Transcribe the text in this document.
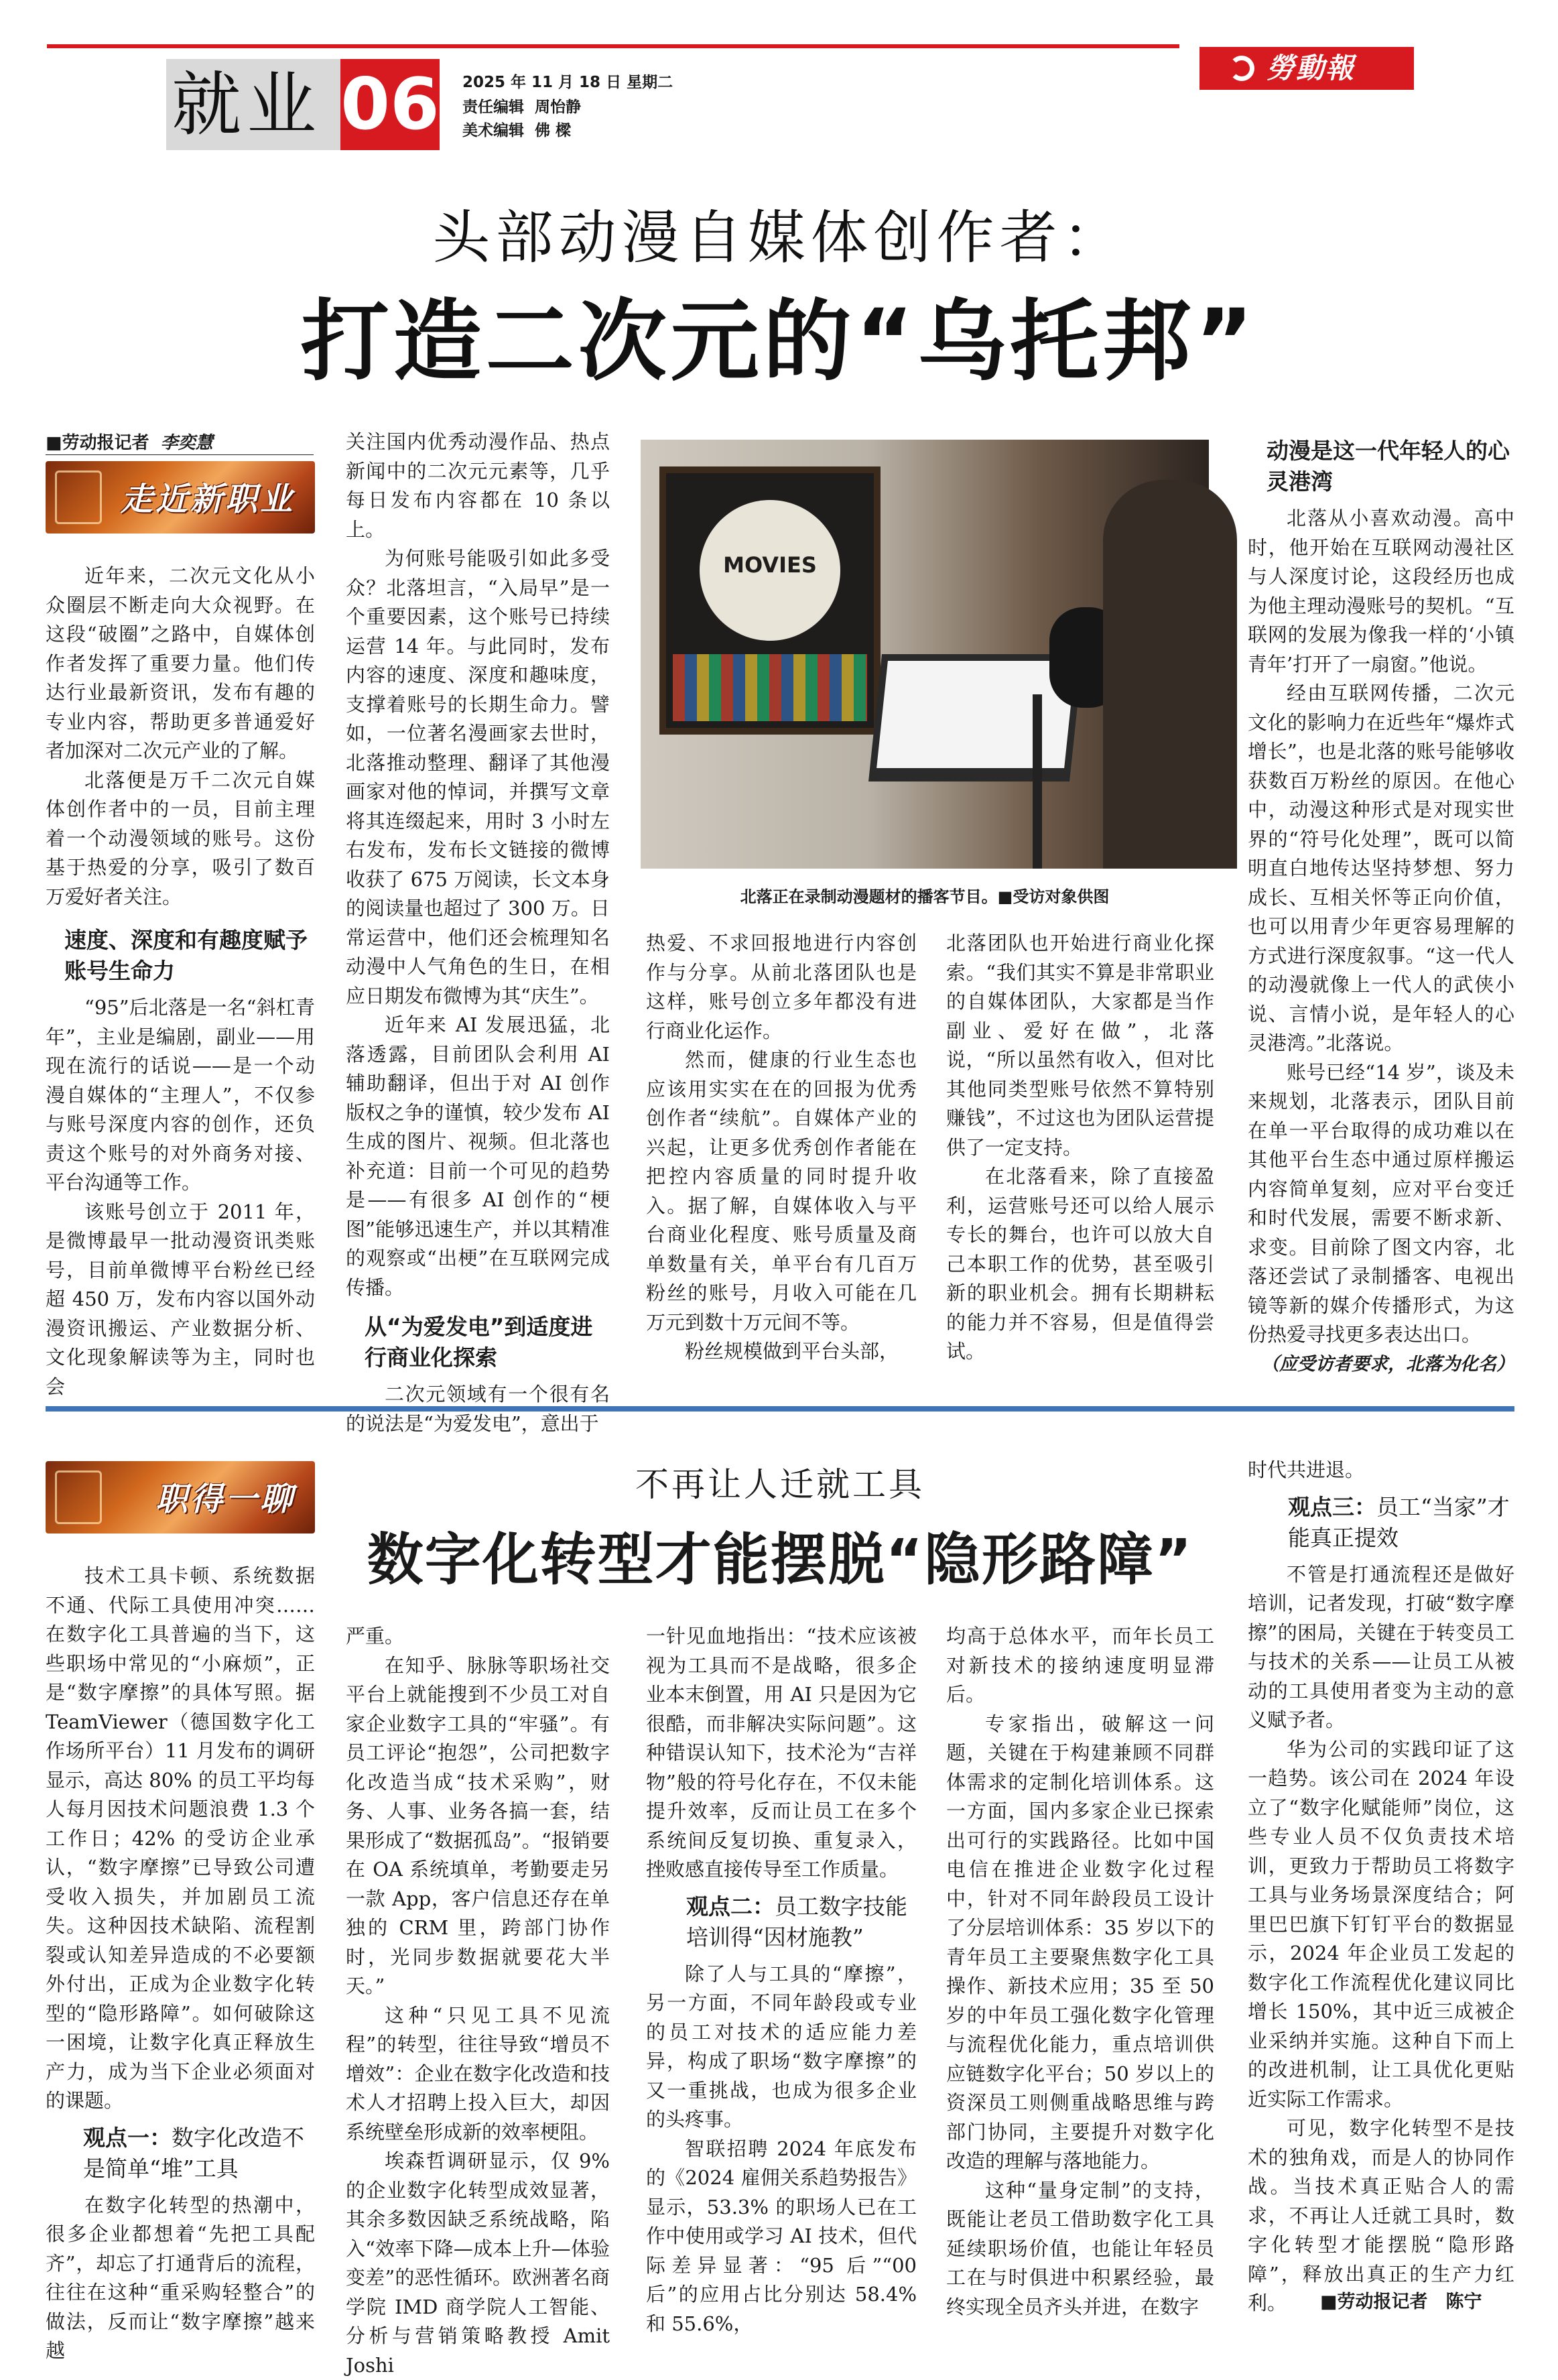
就业 06 2025 年 11 月 18 日 星期二
责任编辑 周怡静
美术编辑 佛 樑
勞動報
头部动漫自媒体创作者：
打造二次元的“乌托邦”
■劳动报记者 李奕慧
走近新职业

近年来，二次元文化从小众圈层不断走向大众视野。在这段“破圈”之路中，自媒体创作者发挥了重要力量。他们传达行业最新资讯，发布有趣的专业内容，帮助更多普通爱好者加深对二次元产业的了解。

北落便是万千二次元自媒体创作者中的一员，目前主理着一个动漫领域的账号。这份基于热爱的分享，吸引了数百万爱好者关注。

速度、深度和有趣度赋予账号生命力

“95”后北落是一名“斜杠青年”，主业是编剧，副业——用现在流行的话说——是一个动漫自媒体的“主理人”，不仅参与账号深度内容的创作，还负责这个账号的对外商务对接、平台沟通等工作。

该账号创立于 2011 年，是微博最早一批动漫资讯类账号，目前单微博平台粉丝已经超 450 万，发布内容以国外动漫资讯搬运、产业数据分析、文化现象解读等为主，同时也会

关注国内优秀动漫作品、热点新闻中的二次元元素等，几乎每日发布内容都在 10 条以上。

为何账号能吸引如此多受众？北落坦言，“入局早”是一个重要因素，这个账号已持续运营 14 年。与此同时，发布内容的速度、深度和趣味度，支撑着账号的长期生命力。譬如，一位著名漫画家去世时，北落推动整理、翻译了其他漫画家对他的悼词，并撰写文章将其连缀起来，用时 3 小时左右发布，发布长文链接的微博收获了 675 万阅读，长文本身的阅读量也超过了 300 万。日常运营中，他们还会梳理知名动漫中人气角色的生日，在相应日期发布微博为其“庆生”。

近年来 AI 发展迅猛，北落透露，目前团队会利用 AI 辅助翻译，但出于对 AI 创作版权之争的谨慎，较少发布 AI 生成的图片、视频。但北落也补充道：目前一个可见的趋势是——有很多 AI 创作的“梗图”能够迅速生产，并以其精准的观察或“出梗”在互联网完成传播。

从“为爱发电”到适度进行商业化探索

二次元领域有一个很有名的说法是“为爱发电”，意出于

MOVIES
北落正在录制动漫题材的播客节目。■受访对象供图

热爱、不求回报地进行内容创作与分享。从前北落团队也是这样，账号创立多年都没有进行商业化运作。

然而，健康的行业生态也应该用实实在在的回报为优秀创作者“续航”。自媒体产业的兴起，让更多优秀创作者能在把控内容质量的同时提升收入。据了解，自媒体收入与平台商业化程度、账号质量及商单数量有关，单平台有几百万粉丝的账号，月收入可能在几万元到数十万元间不等。

粉丝规模做到平台头部，

北落团队也开始进行商业化探索。“我们其实不算是非常职业的自媒体团队，大家都是当作副业、爱好在做”，北落说，“所以虽然有收入，但对比其他同类型账号依然不算特别赚钱”，不过这也为团队运营提供了一定支持。

在北落看来，除了直接盈利，运营账号还可以给人展示专长的舞台，也许可以放大自己本职工作的优势，甚至吸引新的职业机会。拥有长期耕耘的能力并不容易，但是值得尝试。

动漫是这一代年轻人的心灵港湾

北落从小喜欢动漫。高中时，他开始在互联网动漫社区与人深度讨论，这段经历也成为他主理动漫账号的契机。“互联网的发展为像我一样的‘小镇青年’打开了一扇窗。”他说。

经由互联网传播，二次元文化的影响力在近些年“爆炸式增长”，也是北落的账号能够收获数百万粉丝的原因。在他心中，动漫这种形式是对现实世界的“符号化处理”，既可以简明直白地传达坚持梦想、努力成长、互相关怀等正向价值，也可以用青少年更容易理解的方式进行深度叙事。“这一代人的动漫就像上一代人的武侠小说、言情小说，是年轻人的心灵港湾。”北落说。

账号已经“14 岁”，谈及未来规划，北落表示，团队目前在单一平台取得的成功难以在其他平台生态中通过原样搬运内容简单复刻，应对平台变迁和时代发展，需要不断求新、求变。目前除了图文内容，北落还尝试了录制播客、电视出镜等新的媒介传播形式，为这份热爱寻找更多表达出口。

（应受访者要求，北落为化名）

职得一聊	不再让人迁就工具
数字化转型才能摆脱“隐形路障”

技术工具卡顿、系统数据不通、代际工具使用冲突……在数字化工具普遍的当下，这些职场中常见的“小麻烦”，正是“数字摩擦”的具体写照。据 TeamViewer（德国数字化工作场所平台）11 月发布的调研显示，高达 80% 的员工平均每人每月因技术问题浪费 1.3 个工作日；42% 的受访企业承认，“数字摩擦”已导致公司遭受收入损失，并加剧员工流失。这种因技术缺陷、流程割裂或认知差异造成的不必要额外付出，正成为企业数字化转型的“隐形路障”。如何破除这一困境，让数字化真正释放生产力，成为当下企业必须面对的课题。

观点一：数字化改造不是简单“堆”工具

在数字化转型的热潮中，很多企业都想着“先把工具配齐”，却忘了打通背后的流程，往往在这种“重采购轻整合”的做法，反而让“数字摩擦”越来越

严重。

在知乎、脉脉等职场社交平台上就能搜到不少员工对自家企业数字工具的“牢骚”。有员工评论“抱怨”，公司把数字化改造当成“技术采购”，财务、人事、业务各搞一套，结果形成了“数据孤岛”。“报销要在 OA 系统填单，考勤要走另一款 App，客户信息还存在单独的 CRM 里，跨部门协作时，光同步数据就要花大半天。”

这种“只见工具不见流程”的转型，往往导致“增员不增效”：企业在数字化改造和技术人才招聘上投入巨大，却因系统壁垒形成新的效率梗阻。

埃森哲调研显示，仅 9% 的企业数字化转型成效显著，其余多数因缺乏系统战略，陷入“效率下降—成本上升—体验变差”的恶性循环。欧洲著名商学院 IMD 商学院人工智能、分析与营销策略教授 Amit Joshi

一针见血地指出：“技术应该被视为工具而不是战略，很多企业本末倒置，用 AI 只是因为它很酷，而非解决实际问题”。这种错误认知下，技术沦为“吉祥物”般的符号化存在，不仅未能提升效率，反而让员工在多个系统间反复切换、重复录入，挫败感直接传导至工作质量。

观点二：员工数字技能培训得“因材施教”

除了人与工具的“摩擦”，另一方面，不同年龄段或专业的员工对技术的适应能力差异，构成了职场“数字摩擦”的又一重挑战，也成为很多企业的头疼事。

智联招聘 2024 年底发布的《2024 雇佣关系趋势报告》显示，53.3% 的职场人已在工作中使用或学习 AI 技术，但代际差异显著：“95 后”“00 后”的应用占比分别达 58.4% 和 55.6%，

均高于总体水平，而年长员工对新技术的接纳速度明显滞后。

专家指出，破解这一问题，关键在于构建兼顾不同群体需求的定制化培训体系。这一方面，国内多家企业已探索出可行的实践路径。比如中国电信在推进企业数字化过程中，针对不同年龄段员工设计了分层培训体系：35 岁以下的青年员工主要聚焦数字化工具操作、新技术应用；35 至 50 岁的中年员工强化数字化管理与流程优化能力，重点培训供应链数字化平台；50 岁以上的资深员工则侧重战略思维与跨部门协同，主要提升对数字化改造的理解与落地能力。

这种“量身定制”的支持，既能让老员工借助数字化工具延续职场价值，也能让年轻员工在与时俱进中积累经验，最终实现全员齐头并进，在数字

时代共进退。

观点三：员工“当家”才能真正提效

不管是打通流程还是做好培训，记者发现，打破“数字摩擦”的困局，关键在于转变员工与技术的关系——让员工从被动的工具使用者变为主动的意义赋予者。

华为公司的实践印证了这一趋势。该公司在 2024 年设立了“数字化赋能师”岗位，这些专业人员不仅负责技术培训，更致力于帮助员工将数字工具与业务场景深度结合；阿里巴巴旗下钉钉平台的数据显示，2024 年企业员工发起的数字化工作流程优化建议同比增长 150%，其中近三成被企业采纳并实施。这种自下而上的改进机制，让工具优化更贴近实际工作需求。

可见，数字化转型不是技术的独角戏，而是人的协同作战。当技术真正贴合人的需求，不再让人迁就工具时，数字化转型才能摆脱“隐形路障”，释放出真正的生产力红利。	■劳动报记者　陈宁
